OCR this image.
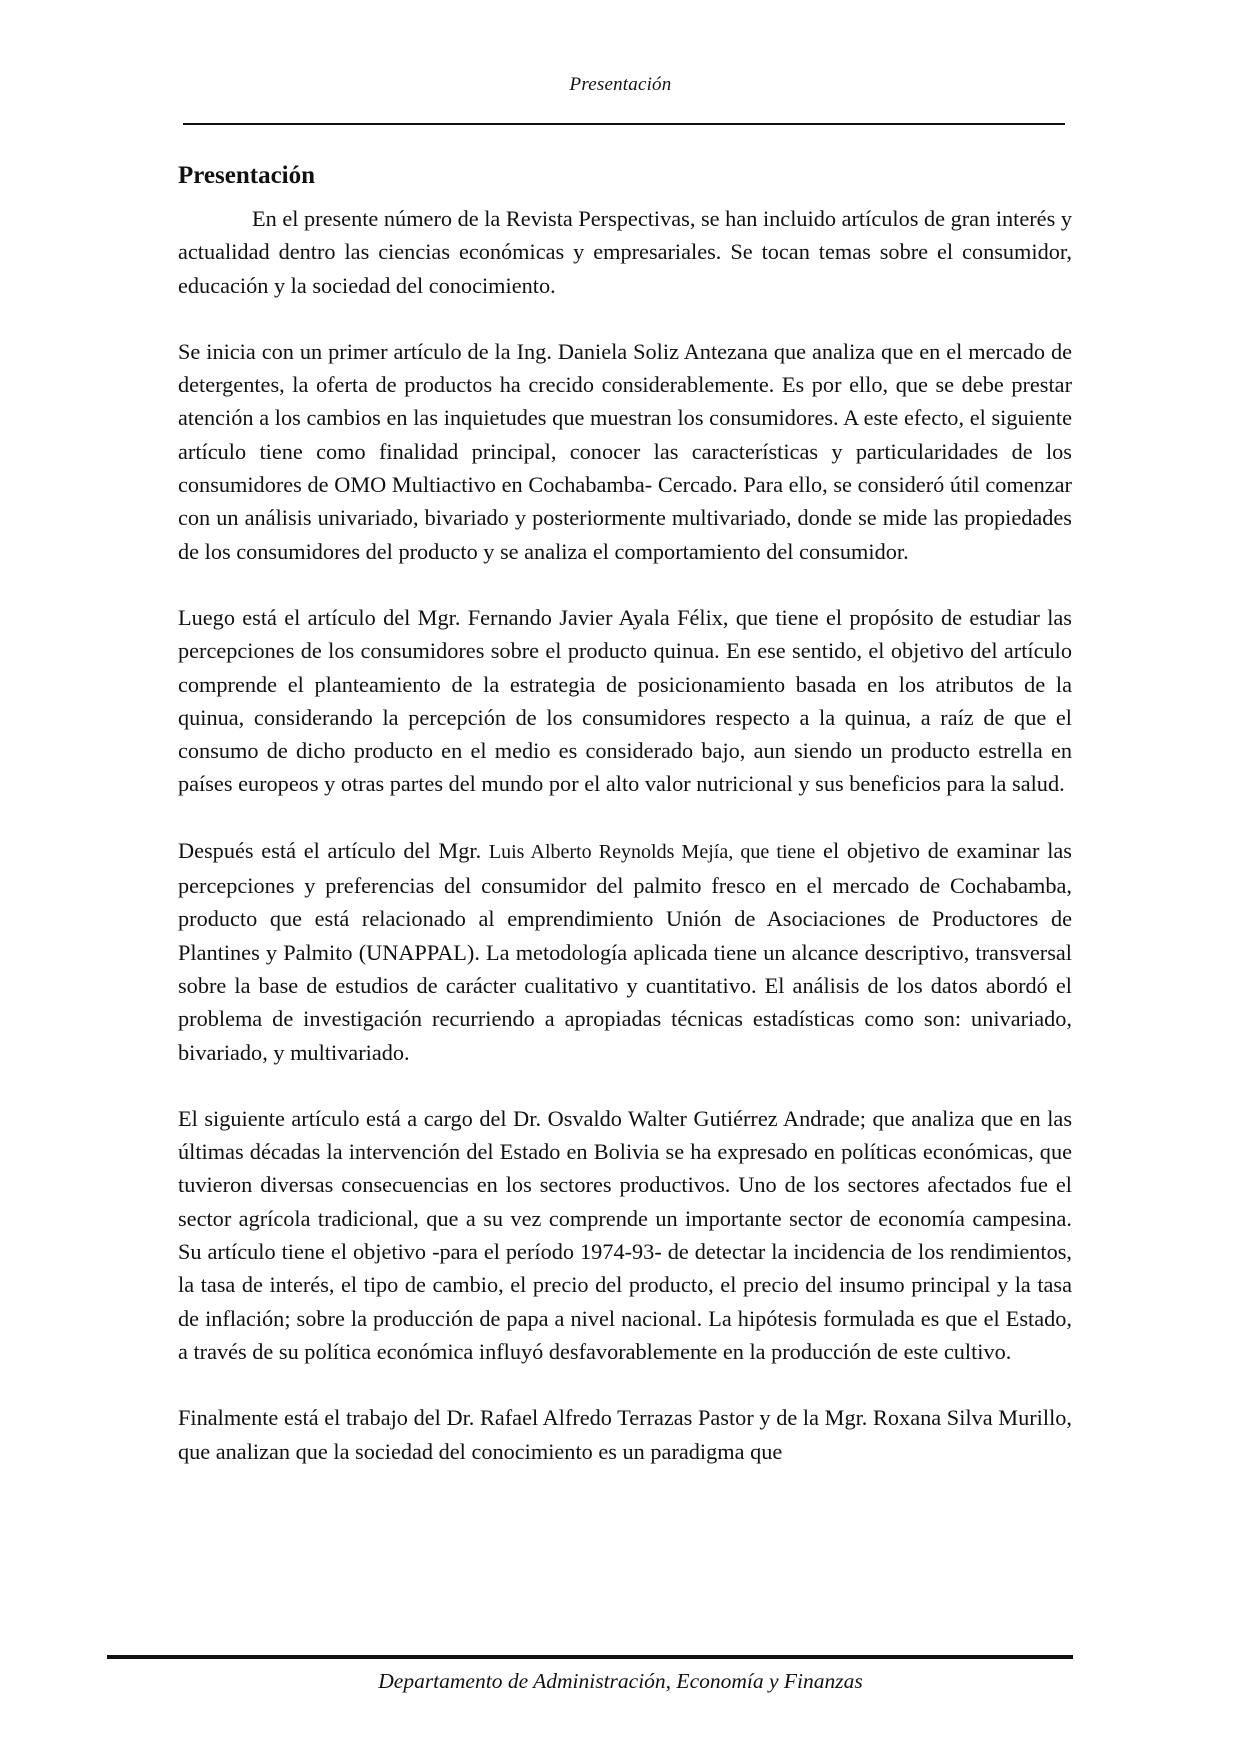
Presentación
Presentación

En el presente número de la Revista Perspectivas, se han incluido artículos de gran interés y actualidad dentro las ciencias económicas y empresariales. Se tocan temas sobre el consumidor, educación y la sociedad del conocimiento.

Se inicia con un primer artículo de la Ing. Daniela Soliz Antezana que analiza que en el mercado de detergentes, la oferta de productos ha crecido considerablemente. Es por ello, que se debe prestar atención a los cambios en las inquietudes que muestran los consumidores. A este efecto, el siguiente artículo tiene como finalidad principal, conocer las características y particularidades de los consumidores de OMO Multiactivo en Cochabamba- Cercado. Para ello, se consideró útil comenzar con un análisis univariado, bivariado y posteriormente multivariado, donde se mide las propiedades de los consumidores del producto y se analiza el comportamiento del consumidor.

Luego está el artículo del Mgr. Fernando Javier Ayala Félix, que tiene el propósito de estudiar las percepciones de los consumidores sobre el producto quinua. En ese sentido, el objetivo del artículo comprende el planteamiento de la estrategia de posicionamiento basada en los atributos de la quinua, considerando la percepción de los consumidores respecto a la quinua, a raíz de que el consumo de dicho producto en el medio es considerado bajo, aun siendo un producto estrella en países europeos y otras partes del mundo por el alto valor nutricional y sus beneficios para la salud.

Después está el artículo del Mgr. Luis Alberto Reynolds Mejía, que tiene el objetivo de examinar las percepciones y preferencias del consumidor del palmito fresco en el mercado de Cochabamba, producto que está relacionado al emprendimiento Unión de Asociaciones de Productores de Plantines y Palmito (UNAPPAL). La metodología aplicada tiene un alcance descriptivo, transversal sobre la base de estudios de carácter cualitativo y cuantitativo. El análisis de los datos abordó el problema de investigación recurriendo a apropiadas técnicas estadísticas como son: univariado, bivariado, y multivariado.

El siguiente artículo está a cargo del Dr. Osvaldo Walter Gutiérrez Andrade; que analiza que en las últimas décadas la intervención del Estado en Bolivia se ha expresado en políticas económicas, que tuvieron diversas consecuencias en los sectores productivos. Uno de los sectores afectados fue el sector agrícola tradicional, que a su vez comprende un importante sector de economía campesina. Su artículo tiene el objetivo -para el período 1974-93- de detectar la incidencia de los rendimientos, la tasa de interés, el tipo de cambio, el precio del producto, el precio del insumo principal y la tasa de inflación; sobre la producción de papa a nivel nacional. La hipótesis formulada es que el Estado, a través de su política económica influyó desfavorablemente en la producción de este cultivo.

Finalmente está el trabajo del Dr. Rafael Alfredo Terrazas Pastor y de la Mgr. Roxana Silva Murillo, que analizan que la sociedad del conocimiento es un paradigma que

Departamento de Administración, Economía y Finanzas
